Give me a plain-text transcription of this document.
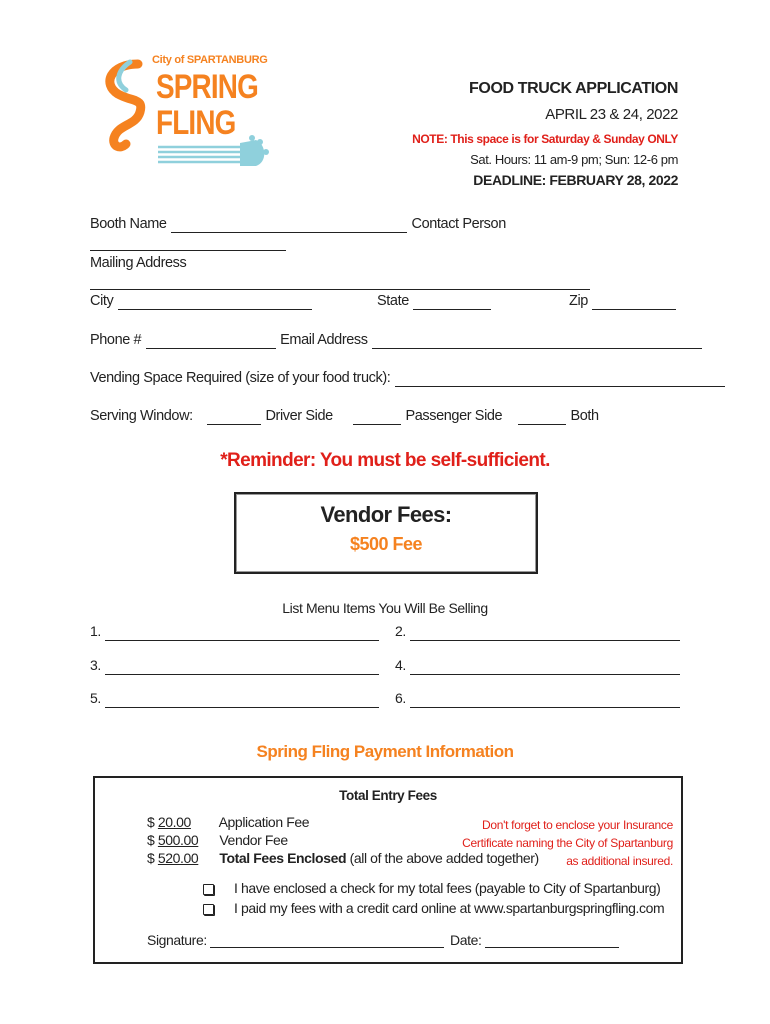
City of SPARTANBURG
SPRING
FLING
FOOD TRUCK APPLICATION
APRIL 23 & 24, 2022
NOTE: This space is for Saturday & Sunday ONLY
Sat. Hours: 11 am-9 pm; Sun: 12-6 pm
DEADLINE: FEBRUARY 28, 2022
Booth Name	Contact Person
Mailing Address
City	State	Zip
Phone #	Email Address
Vending Space Required (size of your food truck):
Serving Window:	Driver Side	Passenger Side	Both
*Reminder: You must be self-sufficient.
Vendor Fees:
$500 Fee
List Menu Items You Will Be Selling
1.	2.
3.	4.
5.	6.
Spring Fling Payment Information
Total Entry Fees
$ 20.00 Application Fee
$ 500.00 Vendor Fee
$ 520.00 Total Fees Enclosed (all of the above added together)
Don't forget to enclose your Insurance
Certificate naming the City of Spartanburg
as additional insured.
I have enclosed a check for my total fees (payable to City of Spartanburg)
I paid my fees with a credit card online at www.spartanburgspringfling.com
Signature:	Date:
